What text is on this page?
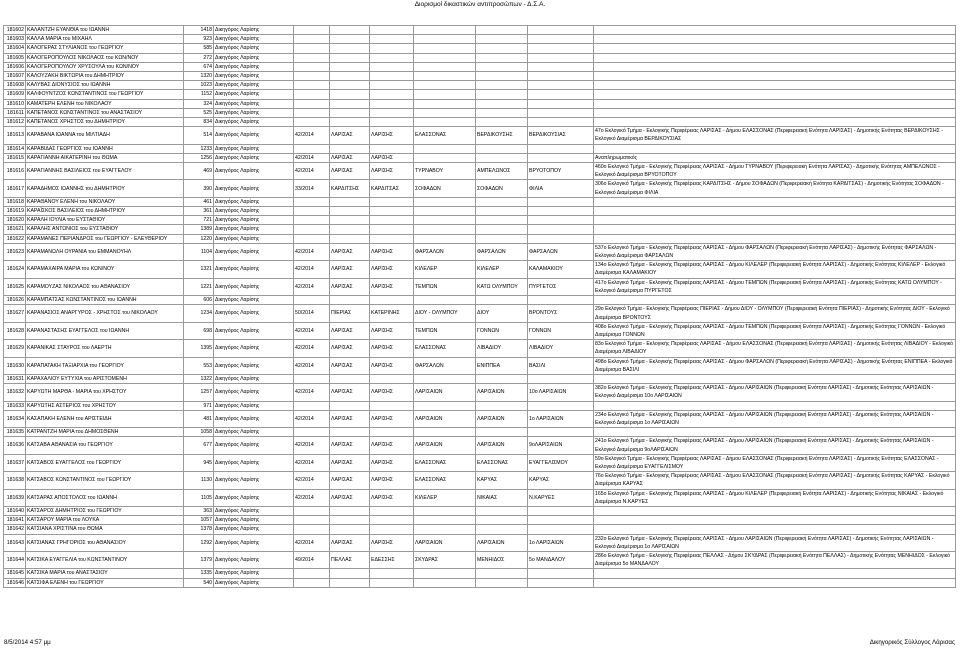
Διορισμοί δικαστικών αντιπροσώπων - Δ.Σ.Α.
181602	ΚΑΛΑΝΤΖΗ ΕΥΑΝΘΙΑ του ΙΩΑΝΝΗ	1418	Δικηγόρος Λαρίσης							
181603	ΚΑΛΛΑ ΜΑΡΙΑ του ΜΙΧΑΗΛ	923	Δικηγόρος Λαρίσης							
181604	ΚΑΛΟΓΕΡΑΣ ΣΤΥΛΙΑΝΟΣ του ΓΕΩΡΓΙΟΥ	585	Δικηγόρος Λαρίσης							
181605	ΚΑΛΟΓΕΡΟΠΟΥΛΟΣ ΝΙΚΟΛΑΟΣ του ΚΩΝ/ΝΟΥ	272	Δικηγόρος Λαρίσης							
181606	ΚΑΛΟΓΕΡΟΠΟΥΛΟΥ ΧΡΥΣΟΥΛΑ του ΚΩΝ/ΝΟΥ	674	Δικηγόρος Λαρίσης							
181607	ΚΑΛΟΥΖΑΚΗ ΒΙΚΤΩΡΙΑ του ΔΗΜΗΤΡΙΟΥ	1320	Δικηγόρος Λαρίσης							
181608	ΚΑΛΥΒΑΣ ΔΙΟΝΥΣΙΟΣ του ΙΩΑΝΝΗ	1023	Δικηγόρος Λαρίσης							
181609	ΚΑΛΦΟΥΝΤΖΟΣ ΚΩΝΣΤΑΝΤΙΝΟΣ του ΓΕΩΡΓΙΟΥ	1152	Δικηγόρος Λαρίσης							
181610	ΚΑΜΑΤΕΡΗ ΕΛΕΝΗ του ΝΙΚΟΛΑΟΥ	324	Δικηγόρος Λαρίσης							
181611	ΚΑΠΕΤΑΝΟΣ ΚΩΝΣΤΑΝΤΙΝΟΣ του ΑΝΑΣΤΑΣΙΟΥ	525	Δικηγόρος Λαρίσης							
181612	ΚΑΠΕΤΑΝΟΣ ΧΡΗΣΤΟΣ του ΔΗΜΗΤΡΙΟΥ	834	Δικηγόρος Λαρίσης							
181613	ΚΑΡΑΒΑΝΑ ΙΩΑΝΝΑ του ΜΙΛΤΙΑΔΗ	514	Δικηγόρος Λαρίσης	42/2014	ΛΑΡΙΣΑΣ	ΛΑΡΙΣΗΣ	ΕΛΑΣΣΟΝΑΣ	ΒΕΡΔΙΚΟΥΣΗΣ	ΒΕΡΔΙΚΟΥΣΙΑΣ	47ο Εκλογικό Τμήμα - Εκλογικής Περιφέρειας ΛΑΡΙΣΑΣ - Δήμου ΕΛΑΣΣΟΝΑΣ (Περιφερειακή Ενότητα ΛΑΡΙΣΑΣ) - Δημοτικής Ενότητας ΒΕΡΔΙΚΟΥΣΗΣ - Εκλογικό Διαμέρισμα ΒΕΡΔΙΚΟΥΣΙΑΣ
181614	ΚΑΡΑΒΙΔΑΣ ΓΕΩΡΓΙΟΣ του ΙΩΑΝΝΗ	1233	Δικηγόρος Λαρίσης							
181615	ΚΑΡΑΓΙΑΝΝΗ ΑΙΚΑΤΕΡΙΝΗ του ΘΩΜΑ	1256	Δικηγόρος Λαρίσης	42/2014	ΛΑΡΙΣΑΣ	ΛΑΡΙΣΗΣ				Αναπληρωματικός
181616	ΚΑΡΑΓΙΑΝΝΗΣ ΒΑΣΙΛΕΙΟΣ του ΕΥΑΓΓΕΛΟΥ	469	Δικηγόρος Λαρίσης	42/2014	ΛΑΡΙΣΑΣ	ΛΑΡΙΣΗΣ	ΤΥΡΝΑΒΟΥ	ΑΜΠΕΛΩΝΟΣ	ΒΡΥΟΤΟΠΟΥ	460ο Εκλογικό Τμήμα - Εκλογικής Περιφέρειας ΛΑΡΙΣΑΣ - Δήμου ΤΥΡΝΑΒΟΥ (Περιφερειακή Ενότητα ΛΑΡΙΣΑΣ) - Δημοτικής Ενότητας ΑΜΠΕΛΩΝΟΣ - Εκλογικό Διαμέρισμα ΒΡΥΟΤΟΠΟΥ
181617	ΚΑΡΑΔΗΜΟΣ ΙΩΑΝΝΗΣ του ΔΗΜΗΤΡΙΟΥ	390	Δικηγόρος Λαρίσης	33/2014	ΚΑΡΔΙΤΣΗΣ	ΚΑΡΔΙΤΣΑΣ	ΣΟΦΑΔΩΝ	ΣΟΦΑΔΩΝ	ΦΙΛΙΑ	306ο Εκλογικό Τμήμα - Εκλογικής Περιφέρειας ΚΑΡΔΙΤΣΗΣ - Δήμου ΣΟΦΑΔΩΝ (Περιφερειακή Ενότητα ΚΑΡΔΙΤΣΑΣ) - Δημοτικής Ενότητας ΣΟΦΑΔΩΝ - Εκλογικό Διαμέρισμα ΦΙΛΙΑ
181618	ΚΑΡΑΘΑΝΟΥ ΕΛΕΝΗ του ΝΙΚΟΛΑΟΥ	461	Δικηγόρος Λαρίσης							
181619	ΚΑΡΑΪΣΚΟΣ ΒΑΣΙΛΕΙΟΣ του ΔΗΜΗΤΡΙΟΥ	361	Δικηγόρος Λαρίσης							
181620	ΚΑΡΑΛΗ ΙΟΥΛΙΑ του ΕΥΣΤΑΘΙΟΥ	721	Δικηγόρος Λαρίσης							
181621	ΚΑΡΑΛΗΣ ΑΝΤΩΝΙΟΣ του ΕΥΣΤΑΘΙΟΥ	1389	Δικηγόρος Λαρίσης							
181622	ΚΑΡΑΜΑΝΕΣ ΠΕΡΙΑΝΔΡΟΣ του ΓΕΩΡΓΙΟΥ - ΕΛΕΥΘΕΡΙΟΥ	1220	Δικηγόρος Λαρίσης							
181623	ΚΑΡΑΜΑΝΩΛΗ ΟΥΡΑΝΙΑ του ΕΜΜΑΝΟΥΗΛ	1104	Δικηγόρος Λαρίσης	42/2014	ΛΑΡΙΣΑΣ	ΛΑΡΙΣΗΣ	ΦΑΡΣΑΛΩΝ	ΦΑΡΣΑΛΩΝ	ΦΑΡΣΑΛΩΝ	537ο Εκλογικό Τμήμα - Εκλογικής Περιφέρειας ΛΑΡΙΣΑΣ - Δήμου ΦΑΡΣΑΛΩΝ (Περιφερειακή Ενότητα ΛΑΡΙΣΑΣ) - Δημοτικής Ενότητας ΦΑΡΣΑΛΩΝ - Εκλογικό Διαμέρισμα ΦΑΡΣΑΛΩΝ
181624	ΚΑΡΑΜΑΧΑΙΡΑ ΜΑΡΙΑ του ΚΩΝ/ΝΟΥ	1321	Δικηγόρος Λαρίσης	42/2014	ΛΑΡΙΣΑΣ	ΛΑΡΙΣΗΣ	ΚΙΛΕΛΕΡ	ΚΙΛΕΛΕΡ	ΚΑΛΑΜΑΚΙΟΥ	134ο Εκλογικό Τμήμα - Εκλογικής Περιφέρειας ΛΑΡΙΣΑΣ - Δήμου ΚΙΛΕΛΕΡ (Περιφερειακή Ενότητα ΛΑΡΙΣΑΣ) - Δημοτικής Ενότητας ΚΙΛΕΛΕΡ - Εκλογικό Διαμέρισμα ΚΑΛΑΜΑΚΙΟΥ
181625	ΚΑΡΑΜΟΥΖΑΣ ΝΙΚΟΛΑΟΣ του ΑΘΑΝΑΣΙΟΥ	1221	Δικηγόρος Λαρίσης	42/2014	ΛΑΡΙΣΑΣ	ΛΑΡΙΣΗΣ	ΤΕΜΠΩΝ	ΚΑΤΩ ΟΛΥΜΠΟΥ	ΠΥΡΓΕΤΟΣ	417ο Εκλογικό Τμήμα - Εκλογικής Περιφέρειας ΛΑΡΙΣΑΣ - Δήμου ΤΕΜΠΩΝ (Περιφερειακή Ενότητα ΛΑΡΙΣΑΣ) - Δημοτικής Ενότητας ΚΑΤΩ ΟΛΥΜΠΟΥ - Εκλογικό Διαμέρισμα ΠΥΡΓΕΤΟΣ
181626	ΚΑΡΑΜΠΑΤΣΑΣ ΚΩΝΣΤΑΝΤΙΝΟΣ του ΙΩΑΝΝΗ	606	Δικηγόρος Λαρίσης							
181627	ΚΑΡΑΝΑΣΙΟΣ ΑΝΑΡΓΥΡΟΣ - ΧΡΗΣΤΟΣ του ΝΙΚΟΛΑΟΥ	1234	Δικηγόρος Λαρίσης	50/2014	ΠΙΕΡΙΑΣ	ΚΑΤΕΡΙΝΗΣ	ΔΙΟΥ - ΟΛΥΜΠΟΥ	ΔΙΟΥ	ΒΡΟΝΤΟΥΣ	29ο Εκλογικό Τμήμα - Εκλογικής Περιφέρειας ΠΙΕΡΙΑΣ - Δήμου ΔΙΟΥ - ΟΛΥΜΠΟΥ (Περιφερειακή Ενότητα ΠΙΕΡΙΑΣ) - Δημοτικής Ενότητας ΔΙΟΥ - Εκλογικό Διαμέρισμα ΒΡΟΝΤΟΥΣ
181628	ΚΑΡΑΝΑΣΤΑΣΗΣ ΕΥΑΓΓΕΛΟΣ του ΙΩΑΝΝΗ	698	Δικηγόρος Λαρίσης	42/2014	ΛΑΡΙΣΑΣ	ΛΑΡΙΣΗΣ	ΤΕΜΠΩΝ	ΓΟΝΝΩΝ	ΓΟΝΝΩΝ	408ο Εκλογικό Τμήμα - Εκλογικής Περιφέρειας ΛΑΡΙΣΑΣ - Δήμου ΤΕΜΠΩΝ (Περιφερειακή Ενότητα ΛΑΡΙΣΑΣ) - Δημοτικής Ενότητας ΓΟΝΝΩΝ - Εκλογικό Διαμέρισμα ΓΟΝΝΩΝ
181629	ΚΑΡΑΝΙΚΑΣ ΣΤΑΥΡΟΣ του ΛΑΕΡΤΗ	1395	Δικηγόρος Λαρίσης	42/2014	ΛΑΡΙΣΑΣ	ΛΑΡΙΣΗΣ	ΕΛΑΣΣΟΝΑΣ	ΛΙΒΑΔΙΟΥ	ΛΙΒΑΔΙΟΥ	83ο Εκλογικό Τμήμα - Εκλογικής Περιφέρειας ΛΑΡΙΣΑΣ - Δήμου ΕΛΑΣΣΟΝΑΣ (Περιφερειακή Ενότητα ΛΑΡΙΣΑΣ) - Δημοτικής Ενότητας ΛΙΒΑΔΙΟΥ - Εκλογικό Διαμέρισμα ΛΙΒΑΔΙΟΥ
181630	ΚΑΡΑΠΑΤΑΚΗ ΤΑΞΙΑΡΧΙΑ του ΓΕΩΡΓΙΟΥ	553	Δικηγόρος Λαρίσης	42/2014	ΛΑΡΙΣΑΣ	ΛΑΡΙΣΗΣ	ΦΑΡΣΑΛΩΝ	ΕΝΙΠΠΕΑ	ΒΑΣΙΛΙ	498ο Εκλογικό Τμήμα - Εκλογικής Περιφέρειας ΛΑΡΙΣΑΣ - Δήμου ΦΑΡΣΑΛΩΝ (Περιφερειακή Ενότητα ΛΑΡΙΣΑΣ) - Δημοτικής Ενότητας ΕΝΙΠΠΕΑ - Εκλογικό Διαμέρισμα ΒΑΣΙΛΙ
181631	ΚΑΡΑΧΑΛΙΟΥ ΕΥΤΥΧΙΑ του ΑΡΙΣΤΟΜΕΝΗ	1322	Δικηγόρος Λαρίσης							
181632	ΚΑΡΥΩΤΗ ΜΑΡΘΑ - ΜΑΡΙΑ του ΧΡΗΣΤΟΥ	1257	Δικηγόρος Λαρίσης	42/2014	ΛΑΡΙΣΑΣ	ΛΑΡΙΣΗΣ	ΛΑΡΙΣΑΙΩΝ	ΛΑΡΙΣΑΙΩΝ	10ο ΛΑΡΙΣΑΙΩΝ	382ο Εκλογικό Τμήμα - Εκλογικής Περιφέρειας ΛΑΡΙΣΑΣ - Δήμου ΛΑΡΙΣΑΙΩΝ (Περιφερειακή Ενότητα ΛΑΡΙΣΑΣ) - Δημοτικής Ενότητας ΛΑΡΙΣΑΙΩΝ - Εκλογικό Διαμέρισμα 10ο ΛΑΡΙΣΑΙΩΝ
181633	ΚΑΡΥΩΤΗΣ ΑΣΤΕΡΙΟΣ του ΧΡΗΣΤΟΥ	971	Δικηγόρος Λαρίσης							
181634	ΚΑΣΑΠΑΚΗ ΕΛΕΝΗ του ΑΡΙΣΤΕΙΔΗ	481	Δικηγόρος Λαρίσης	42/2014	ΛΑΡΙΣΑΣ	ΛΑΡΙΣΗΣ	ΛΑΡΙΣΑΙΩΝ	ΛΑΡΙΣΑΙΩΝ	1ο ΛΑΡΙΣΑΙΩΝ	234ο Εκλογικό Τμήμα - Εκλογικής Περιφέρειας ΛΑΡΙΣΑΣ - Δήμου ΛΑΡΙΣΑΙΩΝ (Περιφερειακή Ενότητα ΛΑΡΙΣΑΣ) - Δημοτικής Ενότητας ΛΑΡΙΣΑΙΩΝ - Εκλογικό Διαμέρισμα 1ο ΛΑΡΙΣΑΙΩΝ
181635	ΚΑΤΡΑΝΤΖΗ ΜΑΡΙΑ του ΔΗΜΟΣΘΕΝΗ	1058	Δικηγόρος Λαρίσης							
181636	ΚΑΤΣΑΒΑ ΑΘΑΝΑΣΙΑ του ΓΕΩΡΓΙΟΥ	677	Δικηγόρος Λαρίσης	42/2014	ΛΑΡΙΣΑΣ	ΛΑΡΙΣΗΣ	ΛΑΡΙΣΑΙΩΝ	ΛΑΡΙΣΑΙΩΝ	9οΛΑΡΙΣΑΙΩΝ	241ο Εκλογικό Τμήμα - Εκλογικής Περιφέρειας ΛΑΡΙΣΑΣ - Δήμου ΛΑΡΙΣΑΙΩΝ (Περιφερειακή Ενότητα ΛΑΡΙΣΑΣ) - Δημοτικής Ενότητας ΛΑΡΙΣΑΙΩΝ - Εκλογικό Διαμέρισμα 9οΛΑΡΙΣΑΙΩΝ
181637	ΚΑΤΣΑΒΟΣ ΕΥΑΓΓΕΛΟΣ του ΓΕΩΡΓΙΟΥ	945	Δικηγόρος Λαρίσης	42/2014	ΛΑΡΙΣΑΣ	ΛΑΡΙΣΗΣ	ΕΛΑΣΣΟΝΑΣ	ΕΛΑΣΣΟΝΑΣ	ΕΥΑΓΓΕΛΙΣΜΟΥ	59ο Εκλογικό Τμήμα - Εκλογικής Περιφέρειας ΛΑΡΙΣΑΣ - Δήμου ΕΛΑΣΣΟΝΑΣ (Περιφερειακή Ενότητα ΛΑΡΙΣΑΣ) - Δημοτικής Ενότητας ΕΛΑΣΣΟΝΑΣ - Εκλογικό Διαμέρισμα ΕΥΑΓΓΕΛΙΣΜΟΥ
181638	ΚΑΤΣΑΒΟΣ ΚΩΝΣΤΑΝΤΙΝΟΣ του ΓΕΩΡΓΙΟΥ	1130	Δικηγόρος Λαρίσης	42/2014	ΛΑΡΙΣΑΣ	ΛΑΡΙΣΗΣ	ΕΛΑΣΣΟΝΑΣ	ΚΑΡΥΑΣ	ΚΑΡΥΑΣ	76ο Εκλογικό Τμήμα - Εκλογικής Περιφέρειας ΛΑΡΙΣΑΣ - Δήμου ΕΛΑΣΣΟΝΑΣ (Περιφερειακή Ενότητα ΛΑΡΙΣΑΣ) - Δημοτικής Ενότητας ΚΑΡΥΑΣ - Εκλογικό Διαμέρισμα ΚΑΡΥΑΣ
181639	ΚΑΤΣΑΡΑΣ ΑΠΟΣΤΟΛΟΣ του ΙΩΑΝΝΗ	1105	Δικηγόρος Λαρίσης	42/2014	ΛΑΡΙΣΑΣ	ΛΑΡΙΣΗΣ	ΚΙΛΕΛΕΡ	ΝΙΚΑΙΑΣ	Ν.ΚΑΡΥΕΣ	165ο Εκλογικό Τμήμα - Εκλογικής Περιφέρειας ΛΑΡΙΣΑΣ - Δήμου ΚΙΛΕΛΕΡ (Περιφερειακή Ενότητα ΛΑΡΙΣΑΣ) - Δημοτικής Ενότητας ΝΙΚΑΙΑΣ - Εκλογικό Διαμέρισμα Ν.ΚΑΡΥΕΣ
181640	ΚΑΤΣΑΡΟΣ ΔΗΜΗΤΡΙΟΣ του ΓΕΩΡΓΙΟΥ	363	Δικηγόρος Λαρίσης							
181641	ΚΑΤΣΑΡΟΥ ΜΑΡΙΑ του ΛΟΥΚΑ	1057	Δικηγόρος Λαρίσης							
181642	ΚΑΤΣΙΑΝΑ ΧΡΙΣΤΙΝΑ του ΘΩΜΑ	1378	Δικηγόρος Λαρίσης							
181643	ΚΑΤΣΙΑΝΑΣ ΓΡΗΓΟΡΙΟΣ του ΑΘΑΝΑΣΙΟΥ	1292	Δικηγόρος Λαρίσης	42/2014	ΛΑΡΙΣΑΣ	ΛΑΡΙΣΗΣ	ΛΑΡΙΣΑΙΩΝ	ΛΑΡΙΣΑΙΩΝ	1ο ΛΑΡΙΣΑΙΩΝ	232ο Εκλογικό Τμήμα - Εκλογικής Περιφέρειας ΛΑΡΙΣΑΣ - Δήμου ΛΑΡΙΣΑΙΩΝ (Περιφερειακή Ενότητα ΛΑΡΙΣΑΣ) - Δημοτικής Ενότητας ΛΑΡΙΣΑΙΩΝ - Εκλογικό Διαμέρισμα 1ο ΛΑΡΙΣΑΙΩΝ
181644	ΚΑΤΣΙΚΑ ΕΥΑΓΓΕΛΙΑ του ΚΩΝΣΤΑΝΤΙΝΟΥ	1379	Δικηγόρος Λαρίσης	49/2014	ΠΕΛΛΑΣ	ΕΔΕΣΣΗΣ	ΣΚΥΔΡΑΣ	ΜΕΝΗΙΔΟΣ	5ο ΜΑΝΔΑΛΟΥ	286ο Εκλογικό Τμήμα - Εκλογικής Περιφέρειας ΠΕΛΛΑΣ - Δήμου ΣΚΥΔΡΑΣ (Περιφερειακή Ενότητα ΠΕΛΛΑΣ) - Δημοτικής Ενότητας ΜΕΝΗΙΔΟΣ - Εκλογικό Διαμέρισμα 5ο ΜΑΝΔΑΛΟΥ
181645	ΚΑΤΣΙΚΑ ΜΑΡΙΑ του ΑΝΑΣΤΑΣΙΟΥ	1335	Δικηγόρος Λαρίσης							
181646	ΚΑΤΣΙΦΑ ΕΛΕΝΗ του ΓΕΩΡΓΙΟΥ	540	Δικηγόρος Λαρίσης							
8/5/2014 4:57 μμ	Δικηγορικός Σύλλογος Λάρισας
